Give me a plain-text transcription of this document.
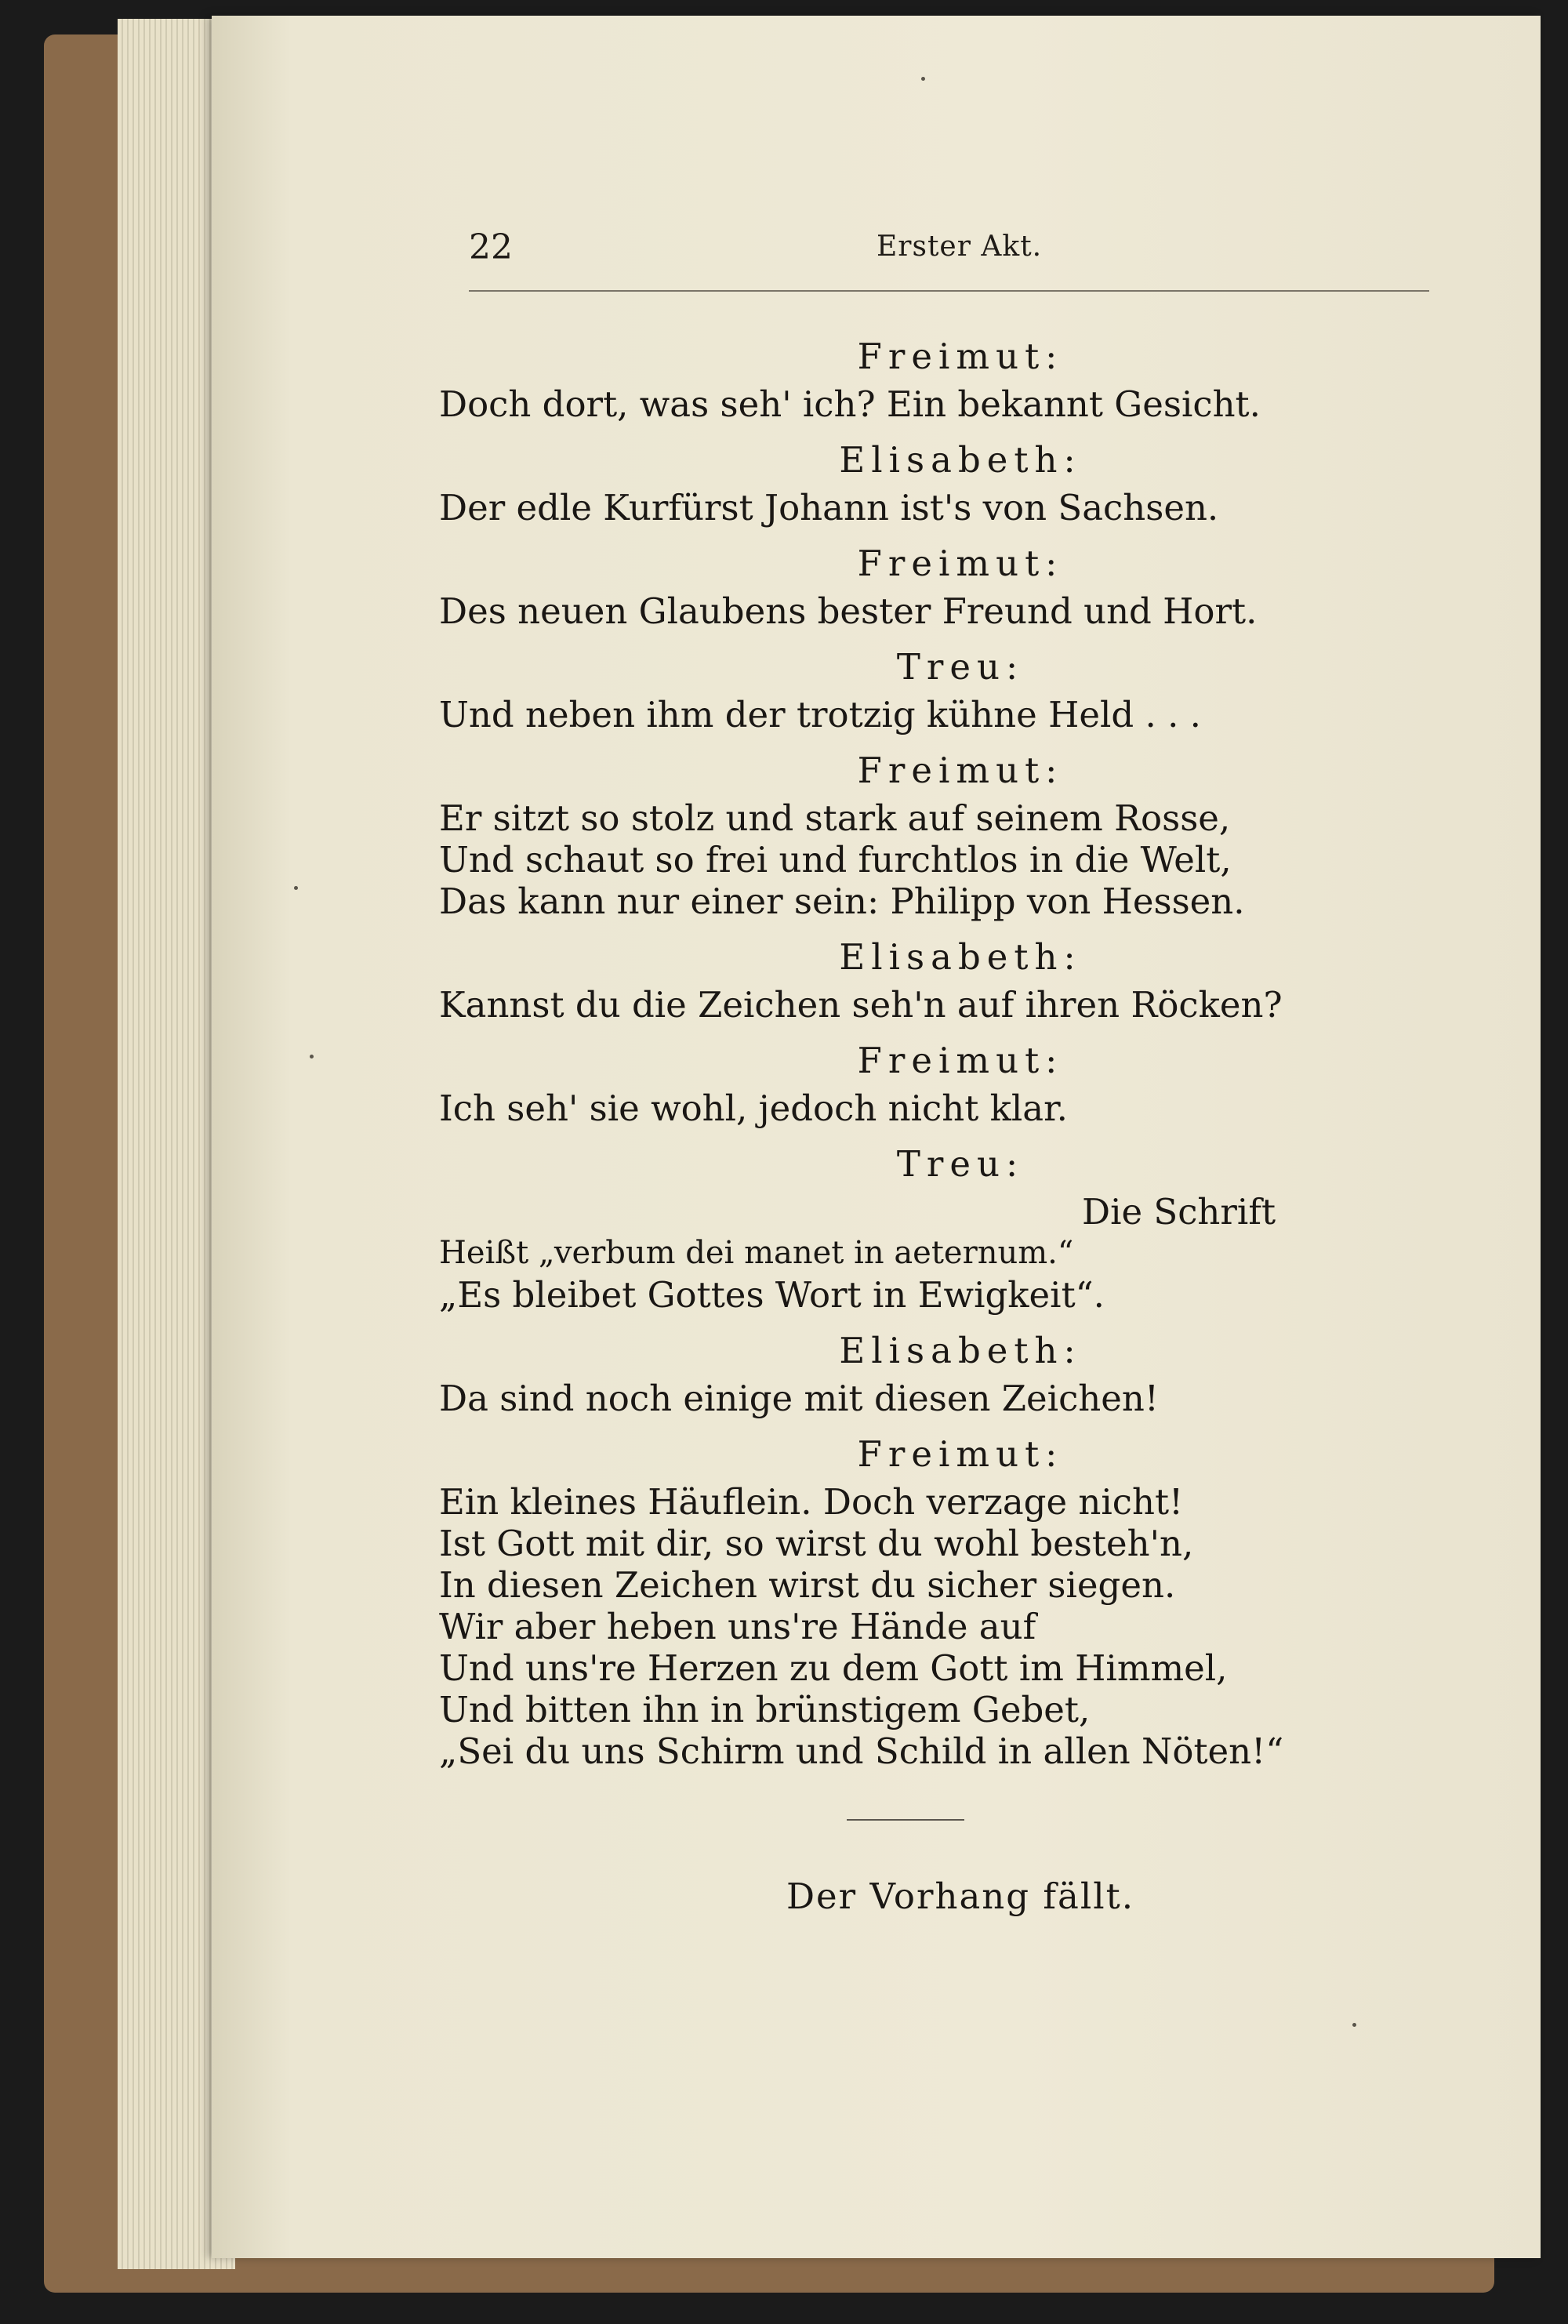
22	Erster Akt.
Freimut:
Doch dort, was seh' ich? Ein bekannt Gesicht.
Elisabeth:
Der edle Kurfürst Johann ist's von Sachsen.
Freimut:
Des neuen Glaubens bester Freund und Hort.
Treu:
Und neben ihm der trotzig kühne Held . . .
Freimut:
Er sitzt so stolz und stark auf seinem Rosse,
Und schaut so frei und furchtlos in die Welt,
Das kann nur einer sein: Philipp von Hessen.
Elisabeth:
Kannst du die Zeichen seh'n auf ihren Röcken?
Freimut:
Ich seh' sie wohl, jedoch nicht klar.
Treu:
Die Schrift
Heißt „verbum dei manet in aeternum.“
„Es bleibet Gottes Wort in Ewigkeit“.
Elisabeth:
Da sind noch einige mit diesen Zeichen!
Freimut:
Ein kleines Häuflein. Doch verzage nicht!
Ist Gott mit dir, so wirst du wohl besteh'n,
In diesen Zeichen wirst du sicher siegen.
Wir aber heben uns're Hände auf
Und uns're Herzen zu dem Gott im Himmel,
Und bitten ihn in brünstigem Gebet,
„Sei du uns Schirm und Schild in allen Nöten!“
Der Vorhang fällt.
